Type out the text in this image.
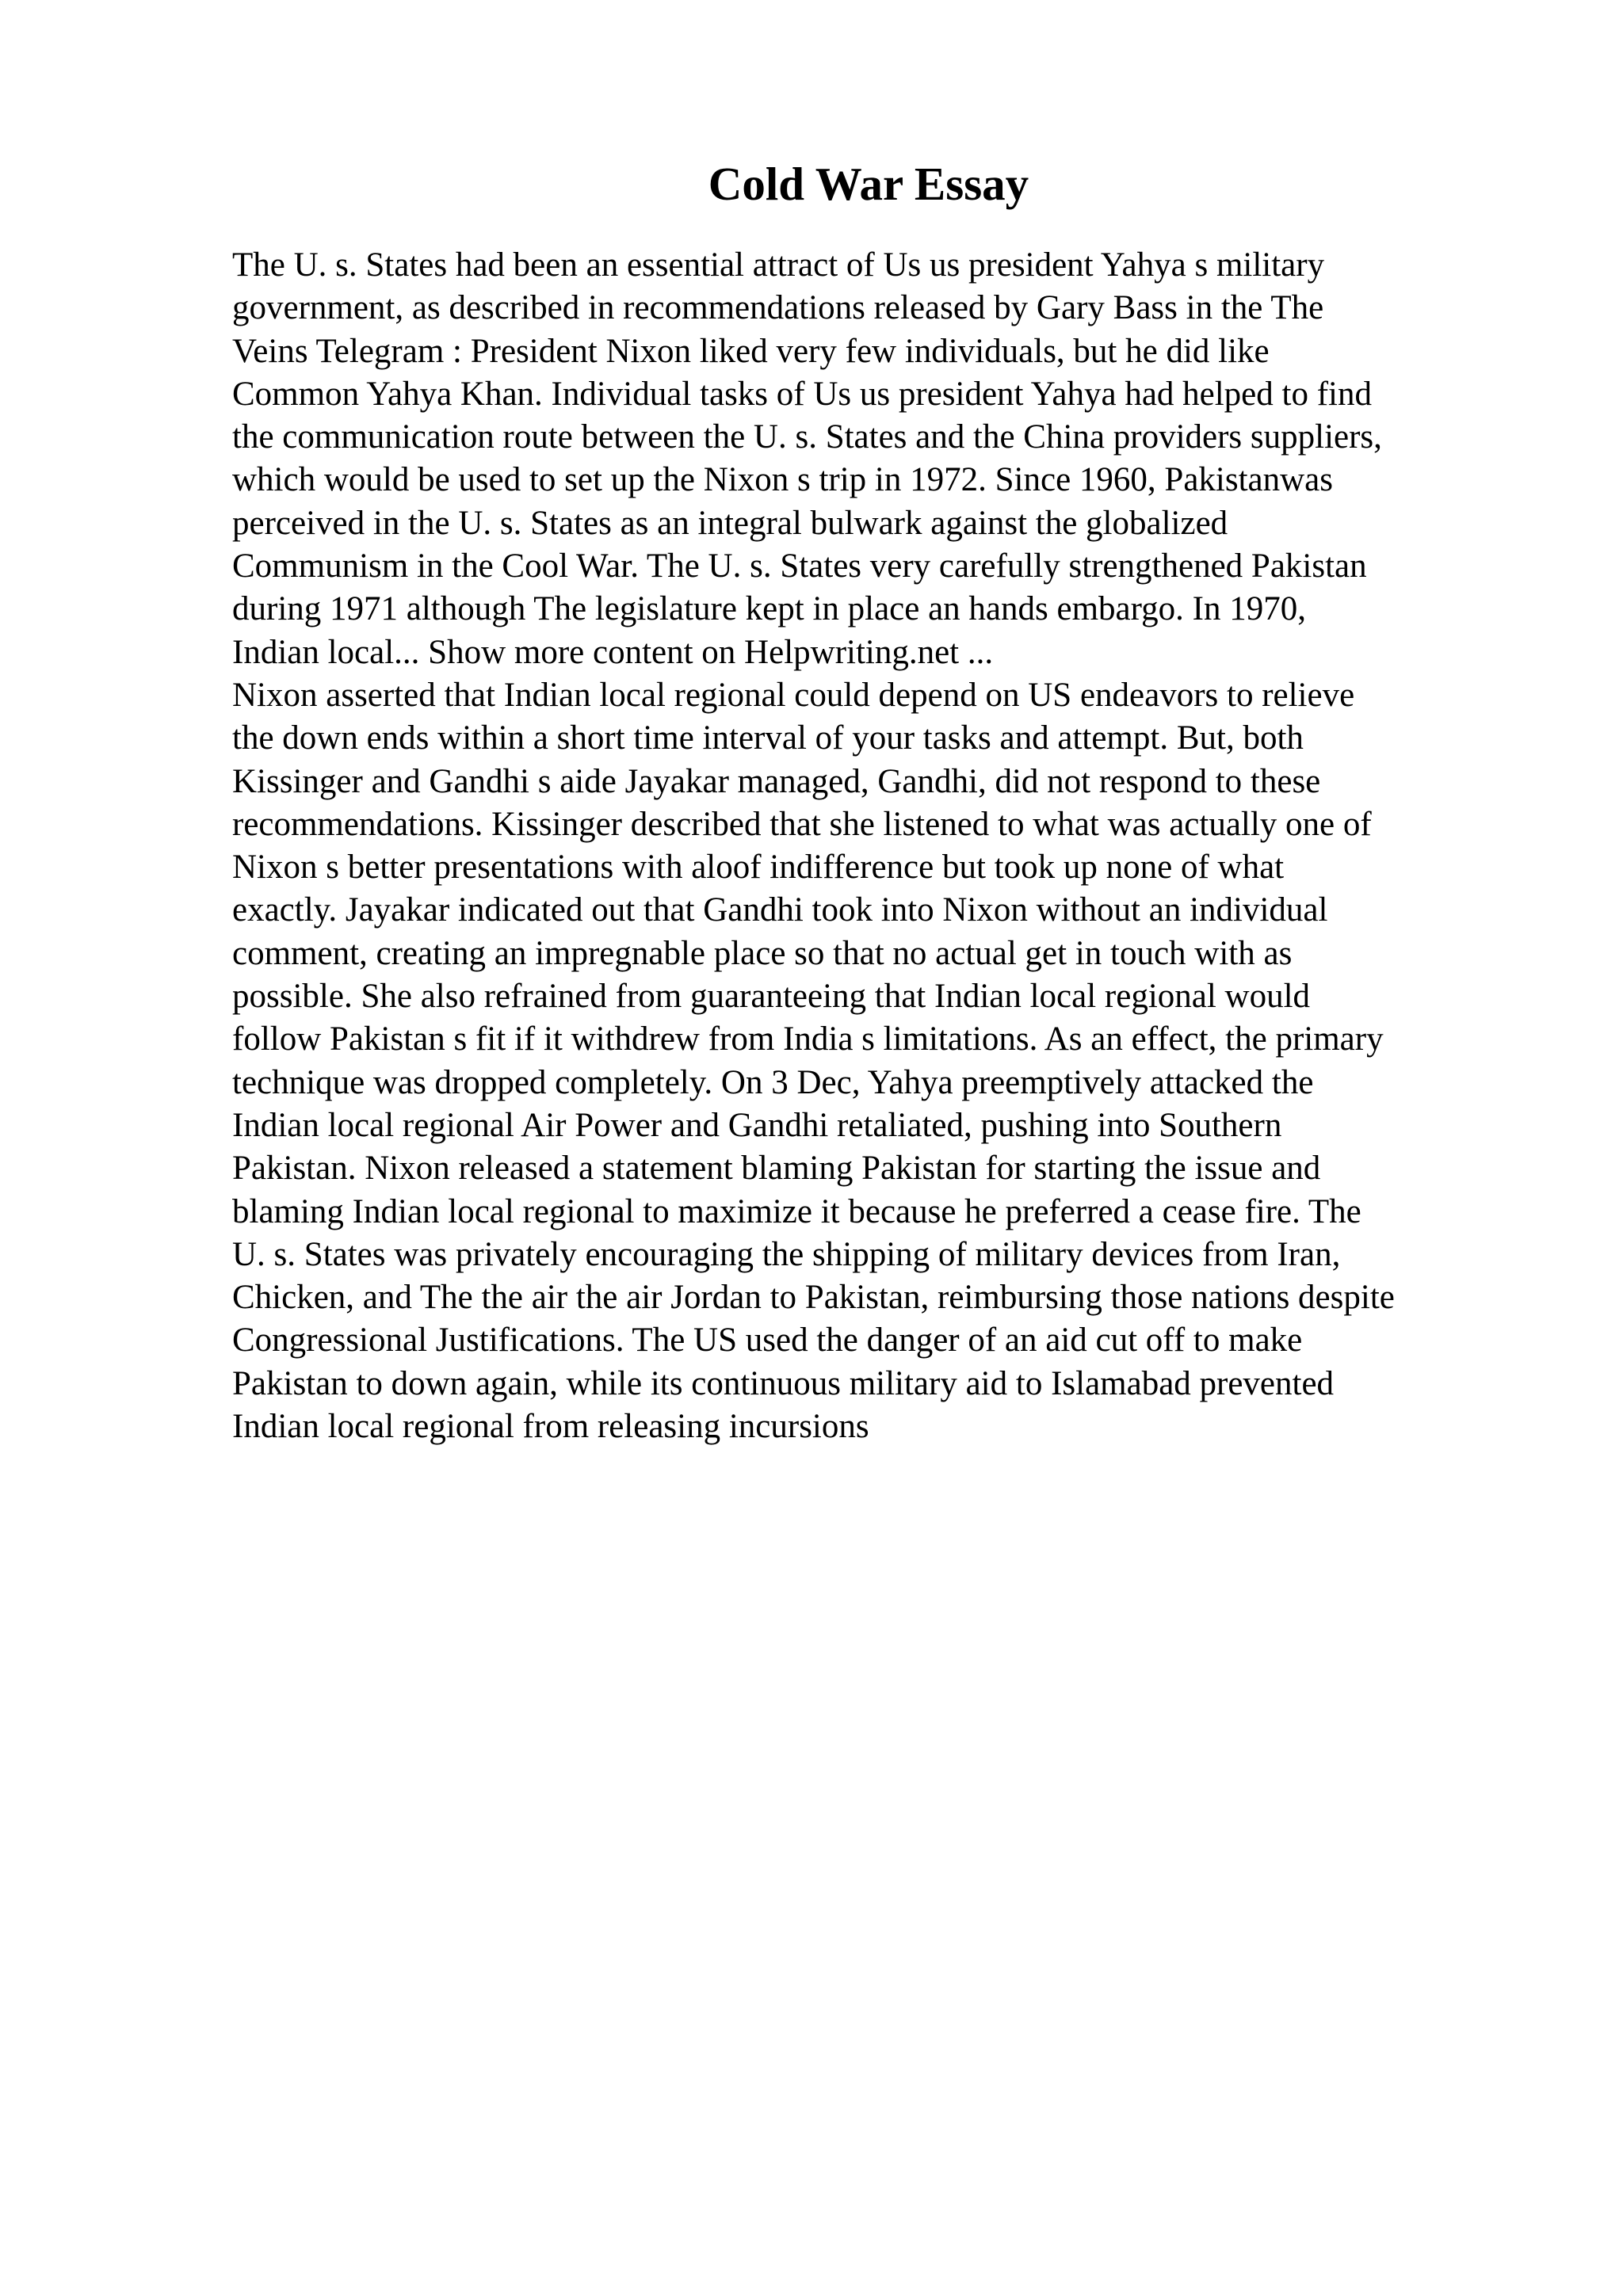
Cold War Essay
The U. s. States had been an essential attract of Us us president Yahya s military
government, as described in recommendations released by Gary Bass in the The
Veins Telegram : President Nixon liked very few individuals, but he did like
Common Yahya Khan. Individual tasks of Us us president Yahya had helped to find
the communication route between the U. s. States and the China providers suppliers,
which would be used to set up the Nixon s trip in 1972. Since 1960, Pakistanwas
perceived in the U. s. States as an integral bulwark against the globalized
Communism in the Cool War. The U. s. States very carefully strengthened Pakistan
during 1971 although The legislature kept in place an hands embargo. In 1970,
Indian local... Show more content on Helpwriting.net ...
Nixon asserted that Indian local regional could depend on US endeavors to relieve
the down ends within a short time interval of your tasks and attempt. But, both
Kissinger and Gandhi s aide Jayakar managed, Gandhi, did not respond to these
recommendations. Kissinger described that she listened to what was actually one of
Nixon s better presentations with aloof indifference but took up none of what
exactly. Jayakar indicated out that Gandhi took into Nixon without an individual
comment, creating an impregnable place so that no actual get in touch with as
possible. She also refrained from guaranteeing that Indian local regional would
follow Pakistan s fit if it withdrew from India s limitations. As an effect, the primary
technique was dropped completely. On 3 Dec, Yahya preemptively attacked the
Indian local regional Air Power and Gandhi retaliated, pushing into Southern
Pakistan. Nixon released a statement blaming Pakistan for starting the issue and
blaming Indian local regional to maximize it because he preferred a cease fire. The
U. s. States was privately encouraging the shipping of military devices from Iran,
Chicken, and The the air the air Jordan to Pakistan, reimbursing those nations despite
Congressional Justifications. The US used the danger of an aid cut off to make
Pakistan to down again, while its continuous military aid to Islamabad prevented
Indian local regional from releasing incursions
